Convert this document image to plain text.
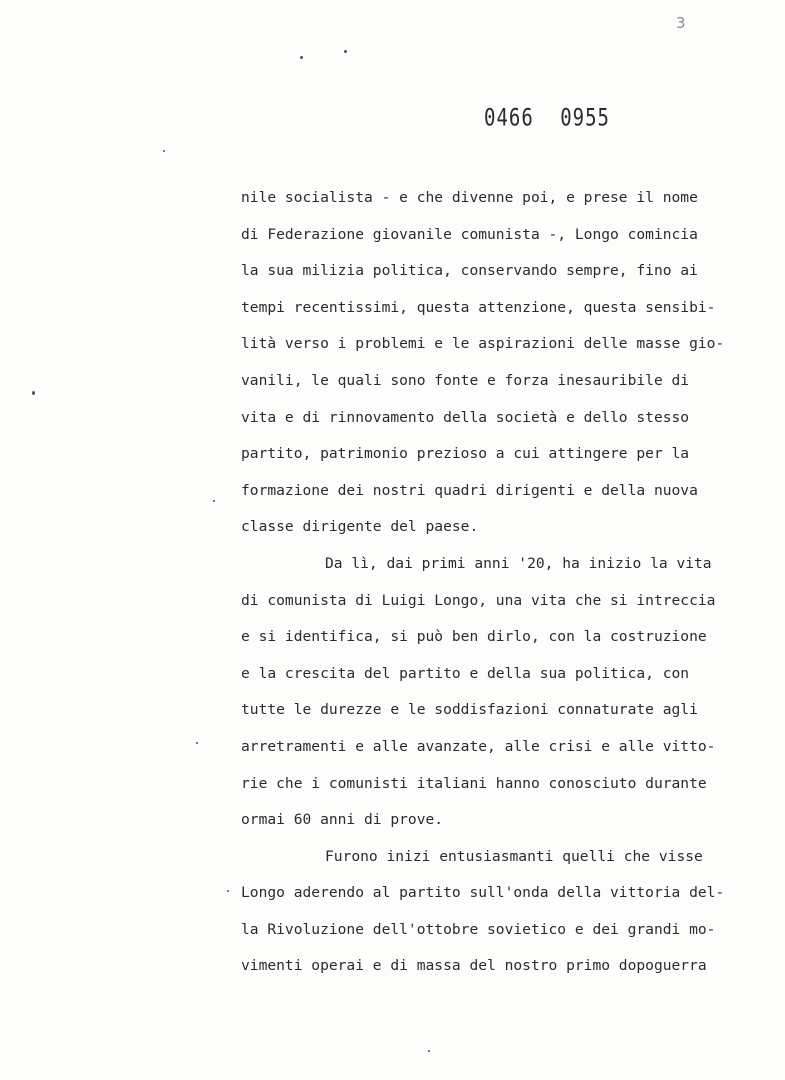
3
0466 0955
nile socialista - e che divenne poi, e prese il nome
di Federazione giovanile comunista -, Longo comincia
la sua milizia politica, conservando sempre, fino ai
tempi recentissimi, questa attenzione, questa sensibi-
lità verso i problemi e le aspirazioni delle masse gio-
vanili, le quali sono fonte e forza inesauribile di
vita e di rinnovamento della società e dello stesso
partito, patrimonio prezioso a cui attingere per la
formazione dei nostri quadri dirigenti e della nuova
classe dirigente del paese.
Da lì, dai primi anni '20, ha inizio la vita
di comunista di Luigi Longo, una vita che si intreccia
e si identifica, si può ben dirlo, con la costruzione
e la crescita del partito e della sua politica, con
tutte le durezze e le soddisfazioni connaturate agli
arretramenti e alle avanzate, alle crisi e alle vitto-
rie che i comunisti italiani hanno conosciuto durante
ormai 60 anni di prove.
Furono inizi entusiasmanti quelli che visse
Longo aderendo al partito sull'onda della vittoria del-
la Rivoluzione dell'ottobre sovietico e dei grandi mo-
vimenti operai e di massa del nostro primo dopoguerra
